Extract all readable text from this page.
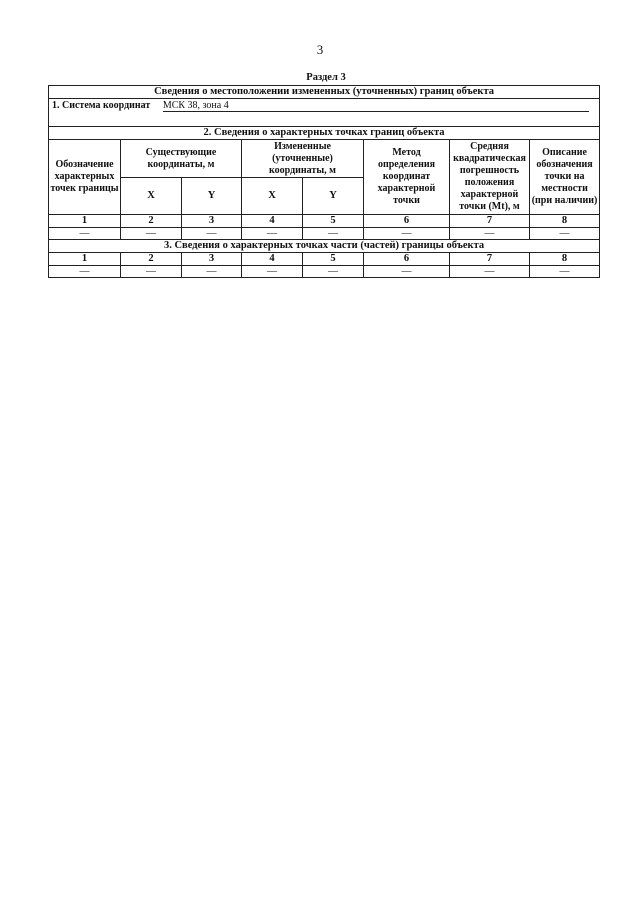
3
Раздел 3
Сведения о местоположении измененных (уточненных) границ объекта							
1. Система координат МСК 38, зона 4							

2. Сведения о характерных точках границ объекта							
Обозначение характерных точек границы	Существующие координаты, м		Измененные (уточненные) координаты, м		Метод определения координат характерной точки	Средняя квадратическая погрешность положения характерной точки (Mt), м	Описание обозначения точки на местности (при наличии)
	X	Y	X	Y			
1	2	3	4	5	6	7	8
—	—	—	—	—	—	—	—
3. Сведения о характерных точках части (частей) границы объекта							
1	2	3	4	5	6	7	8
—	—	—	—	—	—	—	—
